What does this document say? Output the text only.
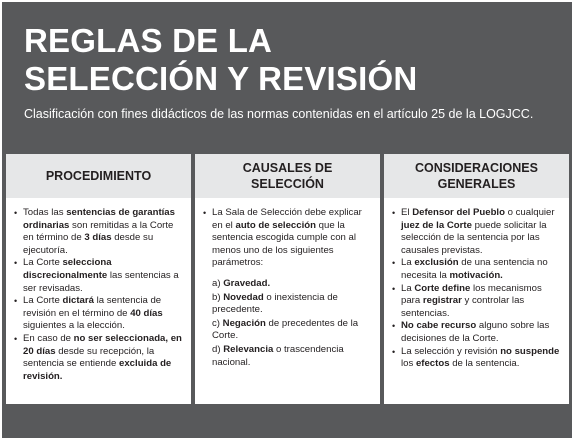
REGLAS DE LA
SELECCIÓN Y REVISIÓN
Clasificación con fines didácticos de las normas contenidas en el artículo 25 de la LOGJCC.
PROCEDIMIENTO
• Todas las sentencias de garantías ordinarias son remitidas a la Corte en término de 3 días desde su ejecutoría.
• La Corte selecciona discrecionalmente las sentencias a ser revisadas.
• La Corte dictará la sentencia de revisión en el término de 40 días siguientes a la elección.
• En caso de no ser seleccionada, en 20 días desde su recepción, la sentencia se entiende excluida de revisión.
CAUSALES DE SELECCIÓN
• La Sala de Selección debe explicar en el auto de selección que la sentencia escogida cumple con al menos uno de los siguientes parámetros:
a) Gravedad.
b) Novedad o inexistencia de precedente.
c) Negación de precedentes de la Corte.
d) Relevancia o trascendencia nacional.
CONSIDERACIONES GENERALES
• El Defensor del Pueblo o cualquier juez de la Corte puede solicitar la selección de la sentencia por las causales previstas.
• La exclusión de una sentencia no necesita la motivación.
• La Corte define los mecanismos para registrar y controlar las sentencias.
• No cabe recurso alguno sobre las decisiones de la Corte.
• La selección y revisión no suspende los efectos de la sentencia.
